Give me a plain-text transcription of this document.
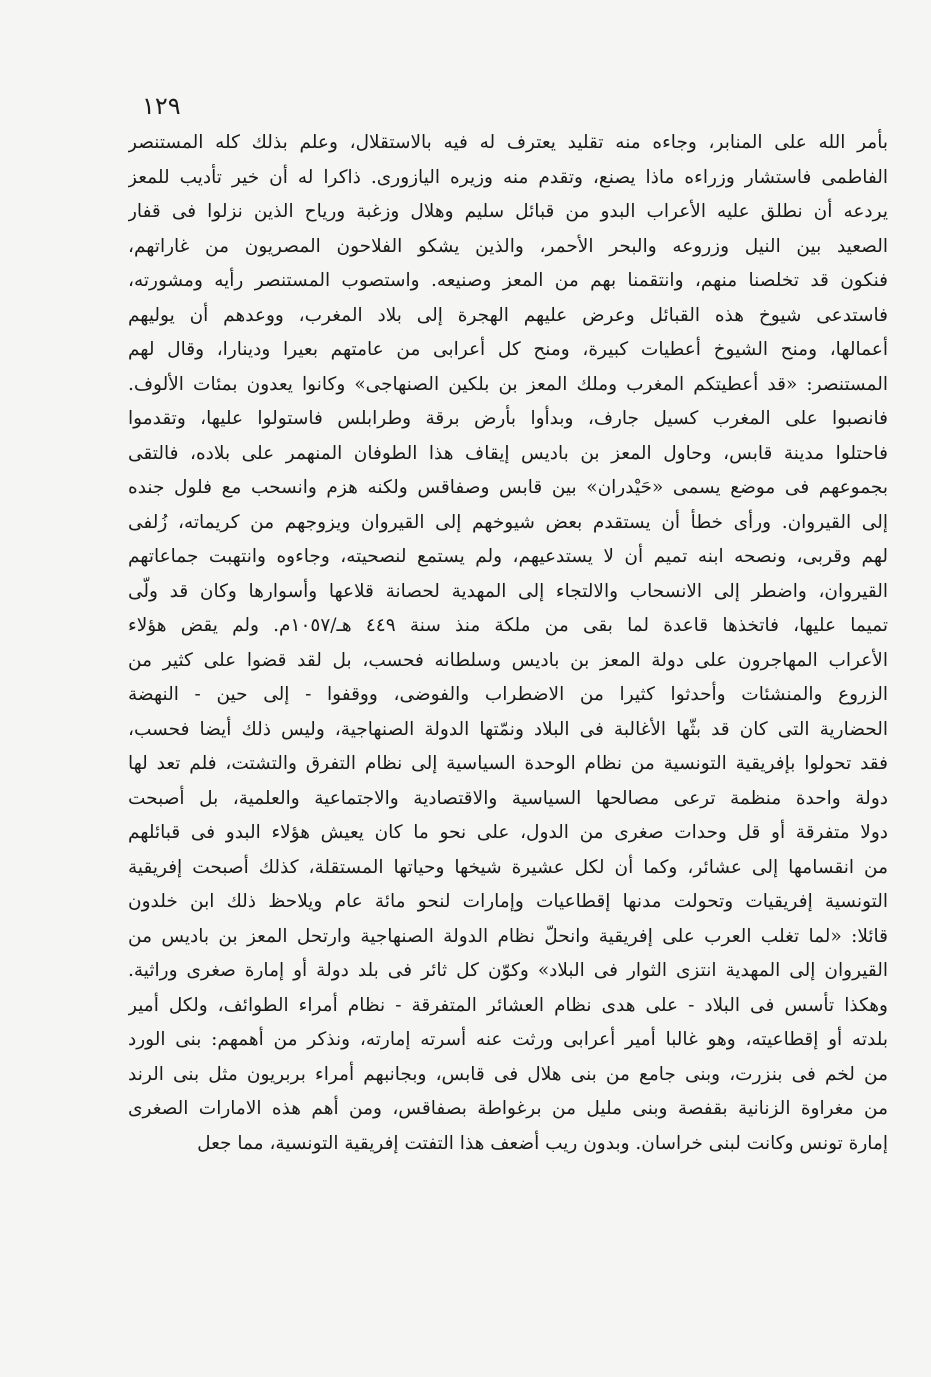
١٢٩
بأمر الله على المنابر، وجاءه منه تقليد يعترف له فيه بالاستقلال، وعلم بذلك كله المستنصر
الفاطمى فاستشار وزراءه ماذا يصنع، وتقدم منه وزيره اليازورى. ذاكرا له أن خير تأديب للمعز
يردعه أن نطلق عليه الأعراب البدو من قبائل سليم وهلال وزغبة ورياح الذين نزلوا فى قفار
الصعيد بين النيل وزروعه والبحر الأحمر، والذين يشكو الفلاحون المصريون من غاراتهم،
فنكون قد تخلصنا منهم، وانتقمنا بهم من المعز وصنيعه. واستصوب المستنصر رأيه ومشورته،
فاستدعى شيوخ هذه القبائل وعرض عليهم الهجرة إلى بلاد المغرب، ووعدهم أن يوليهم
أعمالها، ومنح الشيوخ أعطيات كبيرة، ومنح كل أعرابى من عامتهم بعيرا ودينارا، وقال لهم
المستنصر: «قد أعطيتكم المغرب وملك المعز بن بلكين الصنهاجى» وكانوا يعدون بمئات الألوف.
فانصبوا على المغرب كسيل جارف، وبدأوا بأرض برقة وطرابلس فاستولوا عليها، وتقدموا
فاحتلوا مدينة قابس، وحاول المعز بن باديس إيقاف هذا الطوفان المنهمر على بلاده، فالتقى
بجموعهم فى موضع يسمى «حَيْدران» بين قابس وصفاقس ولكنه هزم وانسحب مع فلول جنده
إلى القيروان. ورأى خطأ أن يستقدم بعض شيوخهم إلى القيروان ويزوجهم من كريماته، زُلفى
لهم وقربى، ونصحه ابنه تميم أن لا يستدعيهم، ولم يستمع لنصحيته، وجاءوه وانتهبت جماعاتهم
القيروان، واضطر إلى الانسحاب والالتجاء إلى المهدية لحصانة قلاعها وأسوارها وكان قد ولّى
تميما عليها، فاتخذها قاعدة لما بقى من ملكة منذ سنة ٤٤٩ هـ/١٠٥٧م. ولم يقض هؤلاء
الأعراب المهاجرون على دولة المعز بن باديس وسلطانه فحسب، بل لقد قضوا على كثير من
الزروع والمنشئات وأحدثوا كثيرا من الاضطراب والفوضى، ووقفوا - إلى حين - النهضة
الحضارية التى كان قد بثّها الأغالبة فى البلاد ونمّتها الدولة الصنهاجية، وليس ذلك أيضا فحسب،
فقد تحولوا بإفريقية التونسية من نظام الوحدة السياسية إلى نظام التفرق والتشتت، فلم تعد لها
دولة واحدة منظمة ترعى مصالحها السياسية والاقتصادية والاجتماعية والعلمية، بل أصبحت
دولا متفرقة أو قل وحدات صغرى من الدول، على نحو ما كان يعيش هؤلاء البدو فى قبائلهم
من انقسامها إلى عشائر، وكما أن لكل عشيرة شيخها وحياتها المستقلة، كذلك أصبحت إفريقية
التونسية إفريقيات وتحولت مدنها إقطاعيات وإمارات لنحو مائة عام ويلاحظ ذلك ابن خلدون
قائلا: «لما تغلب العرب على إفريقية وانحلّ نظام الدولة الصنهاجية وارتحل المعز بن باديس من
القيروان إلى المهدية انتزى الثوار فى البلاد» وكوّن كل ثائر فى بلد دولة أو إمارة صغرى وراثية.
وهكذا تأسس فى البلاد - على هدى نظام العشائر المتفرقة - نظام أمراء الطوائف، ولكل أمير
بلدته أو إقطاعيته، وهو غالبا أمير أعرابى ورثت عنه أسرته إمارته، ونذكر من أهمهم: بنى الورد
من لخم فى بنزرت، وبنى جامع من بنى هلال فى قابس، وبجانبهم أمراء بربريون مثل بنى الرند
من مغراوة الزنانية بقفصة وبنى مليل من برغواطة بصفاقس، ومن أهم هذه الامارات الصغرى
إمارة تونس وكانت لبنى خراسان. وبدون ريب أضعف هذا التفتت إفريقية التونسية، مما جعل
